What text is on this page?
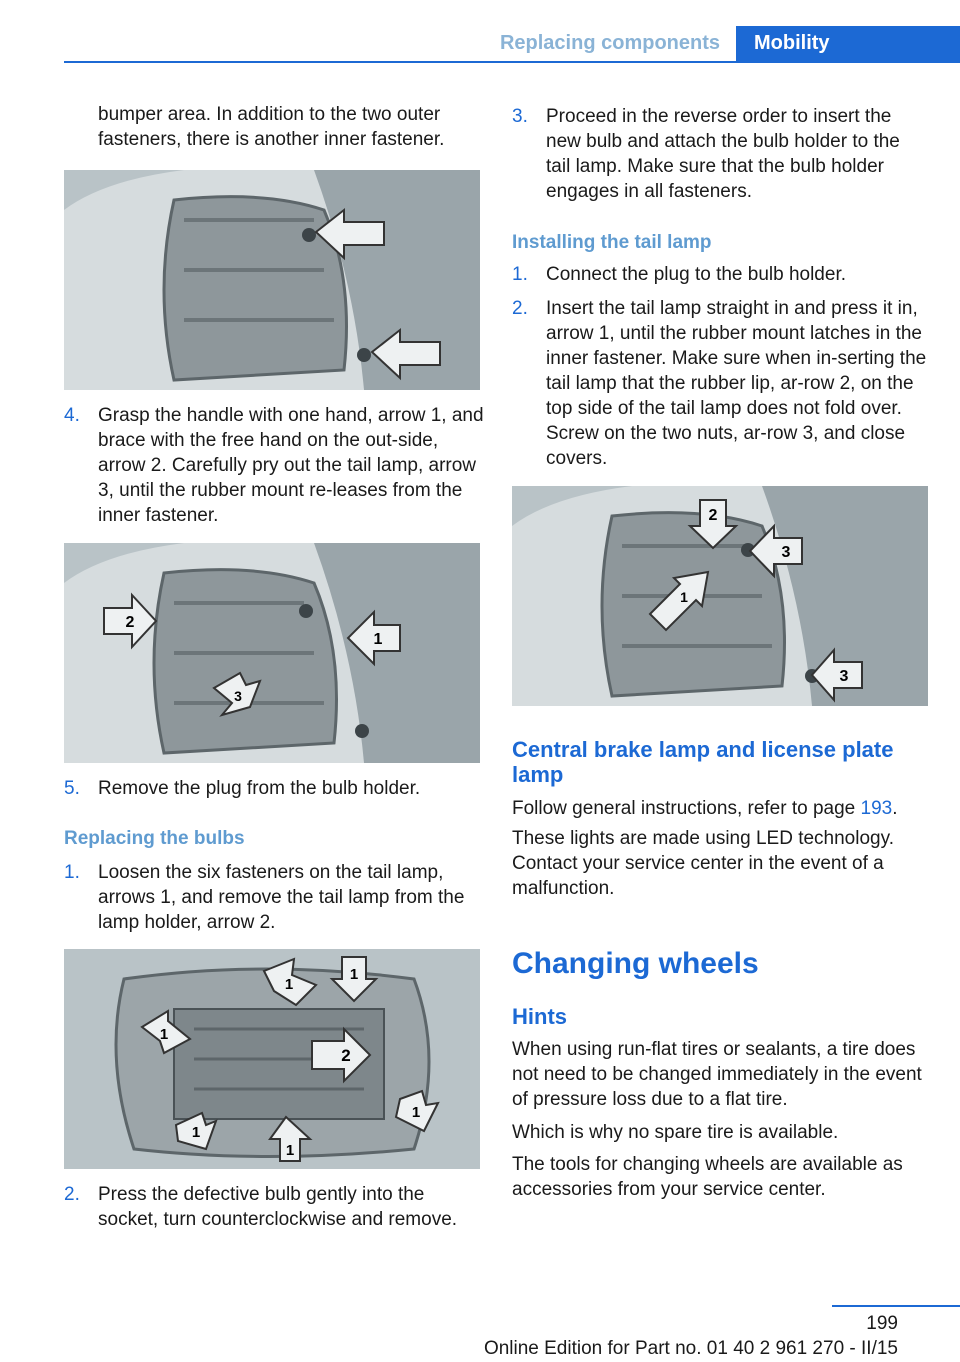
Replacing components	Mobility

bumper area. In addition to the two outer fasteners, there is another inner fastener.

4. Grasp the handle with one hand, arrow 1, and brace with the free hand on the out-side, arrow 2. Carefully pry out the tail lamp, arrow 3, until the rubber mount re-leases from the inner fastener.
2
1
3
5. Remove the plug from the bulb holder.
Replacing the bulbs
1. Loosen the six fasteners on the tail lamp, arrows 1, and remove the tail lamp from the lamp holder, arrow 2.
1
1
1
2
1
1
1
2. Press the defective bulb gently into the socket, turn counterclockwise and remove.
3. Proceed in the reverse order to insert the new bulb and attach the bulb holder to the tail lamp. Make sure that the bulb holder engages in all fasteners.
Installing the tail lamp
1. Connect the plug to the bulb holder.
2. Insert the tail lamp straight in and press it in, arrow 1, until the rubber mount latches in the inner fastener. Make sure when in-serting the tail lamp that the rubber lip, ar-row 2, on the top side of the tail lamp does not fold over. Screw on the two nuts, ar-row 3, and close covers.
2
3
1
3
Central brake lamp and license plate lamp

Follow general instructions, refer to page 193.

These lights are made using LED technology. Contact your service center in the event of a malfunction.

Changing wheels
Hints

When using run-flat tires or sealants, a tire does not need to be changed immediately in the event of pressure loss due to a flat tire.

Which is why no spare tire is available.

The tools for changing wheels are available as accessories from your service center.

199
Online Edition for Part no. 01 40 2 961 270 - II/15
